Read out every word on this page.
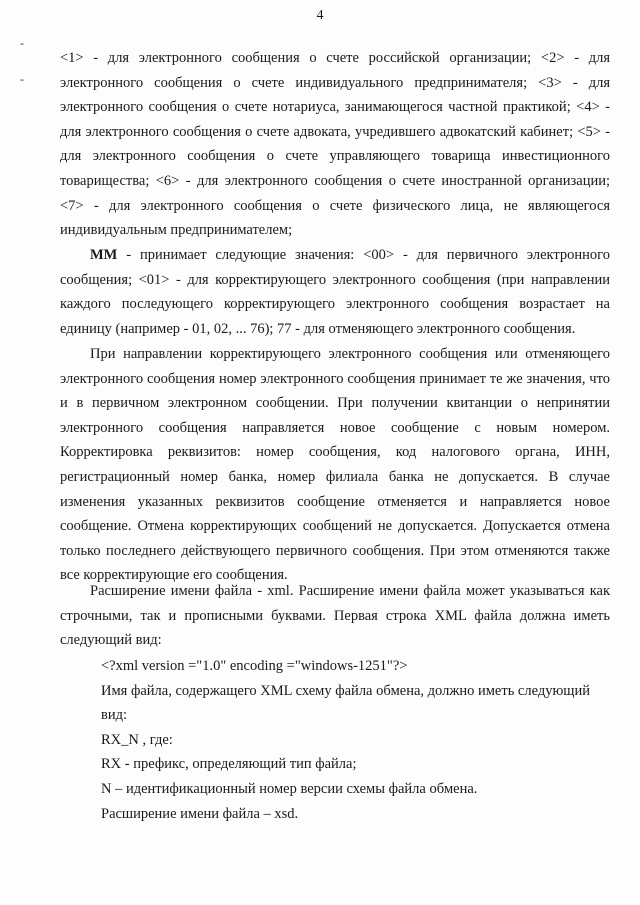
4
-
-

<1> - для электронного сообщения о счете российской организации; <2> - для электронного сообщения о счете индивидуального предпринимателя; <3> - для электронного сообщения о счете нотариуса, занимающегося частной практикой; <4> - для электронного сообщения о счете адвоката, учредившего адвокатский кабинет; <5> - для электронного сообщения о счете управляющего товарища инвестиционного товарищества; <6> - для электронного сообщения о счете иностранной организации; <7> - для электронного сообщения о счете физического лица, не являющегося индивидуальным предпринимателем;

ММ - принимает следующие значения: <00> - для первичного электронного сообщения; <01> - для корректирующего электронного сообщения (при направлении каждого последующего корректирующего электронного сообщения возрастает на единицу (например - 01, 02, ... 76); 77 - для отменяющего электронного сообщения.

При направлении корректирующего электронного сообщения или отменяющего электронного сообщения номер электронного сообщения принимает те же значения, что и в первичном электронном сообщении. При получении квитанции о непринятии электронного сообщения направляется новое сообщение с новым номером. Корректировка реквизитов: номер сообщения, код налогового органа, ИНН, регистрационный номер банка, номер филиала банка не допускается. В случае изменения указанных реквизитов сообщение отменяется и направляется новое сообщение. Отмена корректирующих сообщений не допускается. Допускается отмена только последнего действующего первичного сообщения. При этом отменяются также все корректирующие его сообщения.

Расширение имени файла - xml. Расширение имени файла может указываться как строчными, так и прописными буквами. Первая строка XML файла должна иметь следующий вид:

<?xml version ="1.0" encoding ="windows-1251"?>
Имя файла, содержащего XML схему файла обмена, должно иметь следующий вид:
RX_N , где:
RX - префикс, определяющий тип файла;
N – идентификационный номер версии схемы файла обмена.
Расширение имени файла – xsd.
